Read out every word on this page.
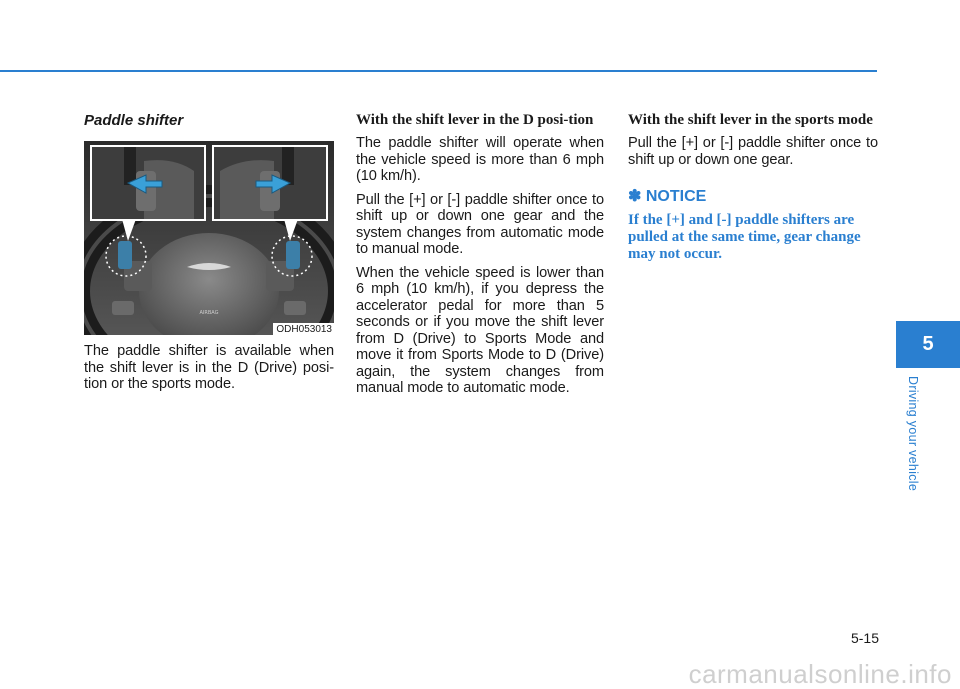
Paddle shifter
AIRBAG
ODH053013

The paddle shifter is available when the shift lever is in the D (Drive) posi-tion or the sports mode.

With the shift lever in the D posi-tion

The paddle shifter will operate when the vehicle speed is more than 6 mph (10 km/h).

Pull the [+] or [-] paddle shifter once to shift up or down one gear and the system changes from automatic mode to manual mode.

When the vehicle speed is lower than 6 mph (10 km/h), if you depress the accelerator pedal for more than 5 seconds or if you move the shift lever from D (Drive) to Sports Mode and move it from Sports Mode to D (Drive) again, the system changes from manual mode to automatic mode.

With the shift lever in the sports mode

Pull the [+] or [-] paddle shifter once to shift up or down one gear.

✽ NOTICE

If the [+] and [-] paddle shifters are pulled at the same time, gear change may not occur.

5
Driving your vehicle
5-15
carmanualsonline.info
